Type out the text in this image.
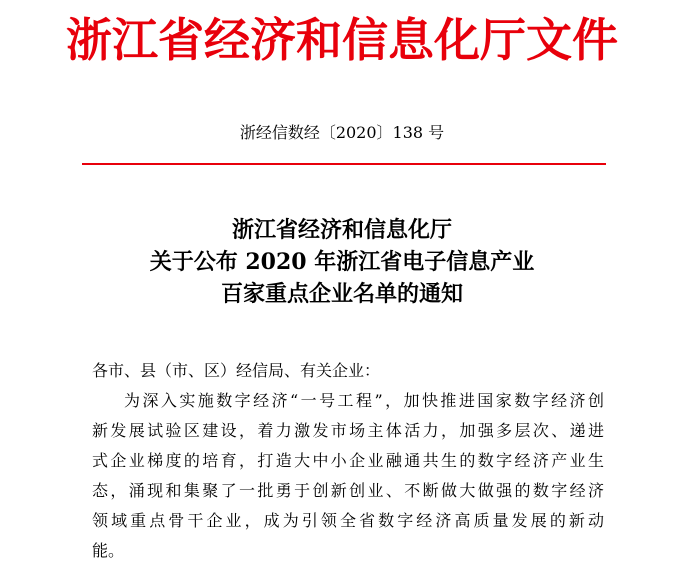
浙江省经济和信息化厅文件
浙经信数经〔2020〕138 号
浙江省经济和信息化厅
关于公布 2020 年浙江省电子信息产业
百家重点企业名单的通知
各市、县（市、区）经信局、有关企业：
为深入实施数字经济“一号工程”，加快推进国家数字经济创
新发展试验区建设，着力激发市场主体活力，加强多层次、递进
式企业梯度的培育，打造大中小企业融通共生的数字经济产业生
态，涌现和集聚了一批勇于创新创业、不断做大做强的数字经济
领域重点骨干企业，成为引领全省数字经济高质量发展的新动
能。
